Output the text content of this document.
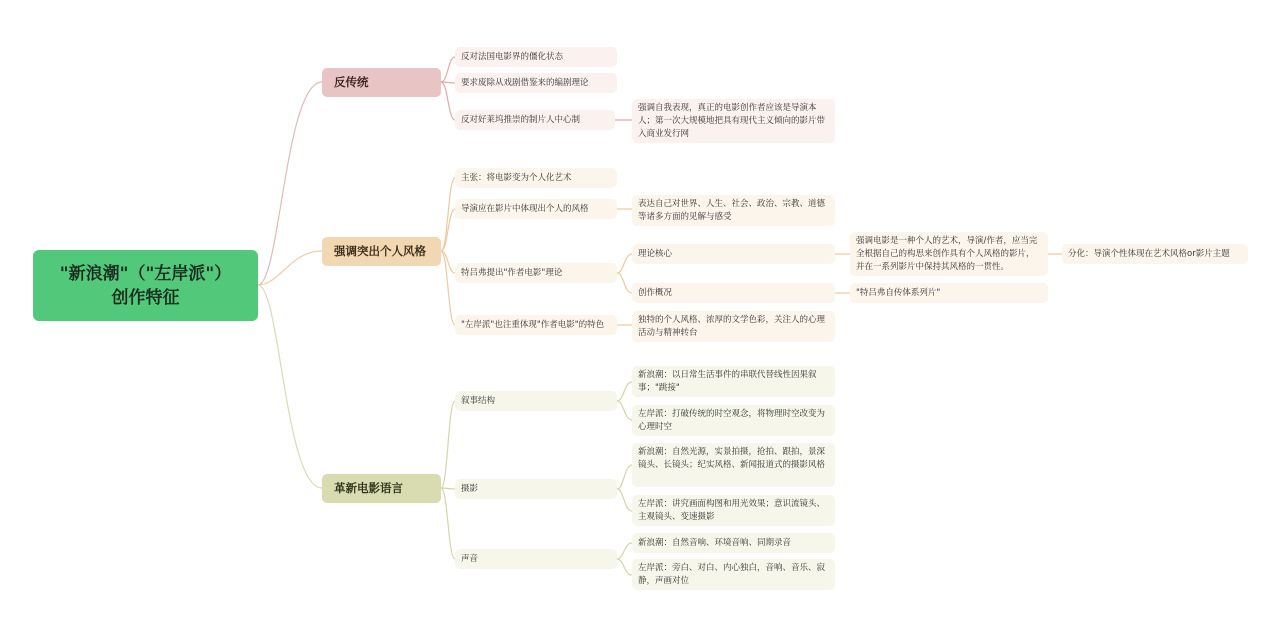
"新浪潮"（"左岸派"）
创作特征
反传统
反对法国电影界的僵化状态
要求废除从戏剧借鉴来的编剧理论
反对好莱坞推崇的制片人中心制
强调自我表现，真正的电影创作者应该是导演本人；第一次大规模地把具有现代主义倾向的影片带入商业发行网
强调突出个人风格
主张：将电影变为个人化艺术
导演应在影片中体现出个人的风格	表达自己对世界、人生、社会、政治、宗教、道德等诸多方面的见解与感受
特吕弗提出"作者电影"理论
理论核心
强调电影是一种个人的艺术，导演/作者，应当完全根据自己的构思来创作具有个人风格的影片，并在一系列影片中保持其风格的一贯性。
分化：导演个性体现在艺术风格or影片主题
创作概况	"特吕弗自传体系列片"
"左岸派"也注重体现"作者电影"的特色	独特的个人风格、浓厚的文学色彩，关注人的心理活动与精神转台
革新电影语言
叙事结构
新浪潮：以日常生活事件的串联代替线性因果叙事；"跳接"
左岸派：打破传统的时空观念，将物理时空改变为心理时空
摄影
新浪潮：自然光源，实景拍摄，抢拍、跟拍，景深镜头、长镜头；纪实风格、新闻报道式的摄影风格
左岸派：讲究画面构图和用光效果；意识流镜头、主观镜头、变速摄影
声音
新浪潮：自然音响、环境音响、同期录音
左岸派：旁白、对白、内心独白，音响、音乐、寂静，声画对位
